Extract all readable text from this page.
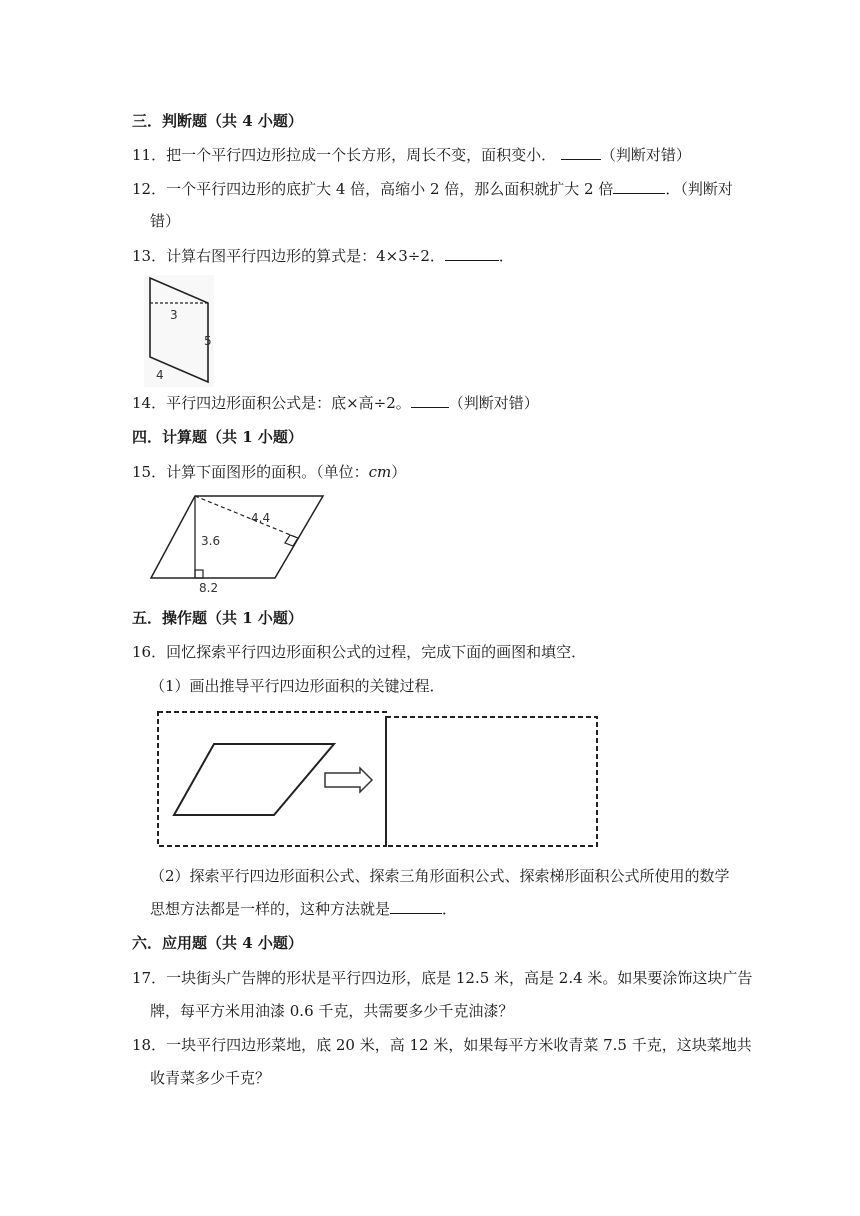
三．判断题（共 4 小题）
11．把一个平行四边形拉成一个长方形，周长不变，面积变小．	（判断对错）
12．一个平行四边形的底扩大 4 倍，高缩小 2 倍，那么面积就扩大 2 倍	．（判断对
错）
13．计算右图平行四边形的算式是：4×3÷2．	．
3
5
4
14．平行四边形面积公式是：底×高÷2。	（判断对错）
四．计算题（共 1 小题）
15．计算下面图形的面积。（单位：cm）
4.4
3.6
8.2
五．操作题（共 1 小题）
16．回忆探索平行四边形面积公式的过程，完成下面的画图和填空．
（1）画出推导平行四边形面积的关键过程．
（2）探索平行四边形面积公式、探索三角形面积公式、探索梯形面积公式所使用的数学
思想方法都是一样的，这种方法就是	．
六．应用题（共 4 小题）
17．一块街头广告牌的形状是平行四边形，底是 12.5 米，高是 2.4 米。如果要涂饰这块广告
牌，每平方米用油漆 0.6 千克，共需要多少千克油漆？
18．一块平行四边形菜地，底 20 米，高 12 米，如果每平方米收青菜 7.5 千克，这块菜地共
收青菜多少千克？
